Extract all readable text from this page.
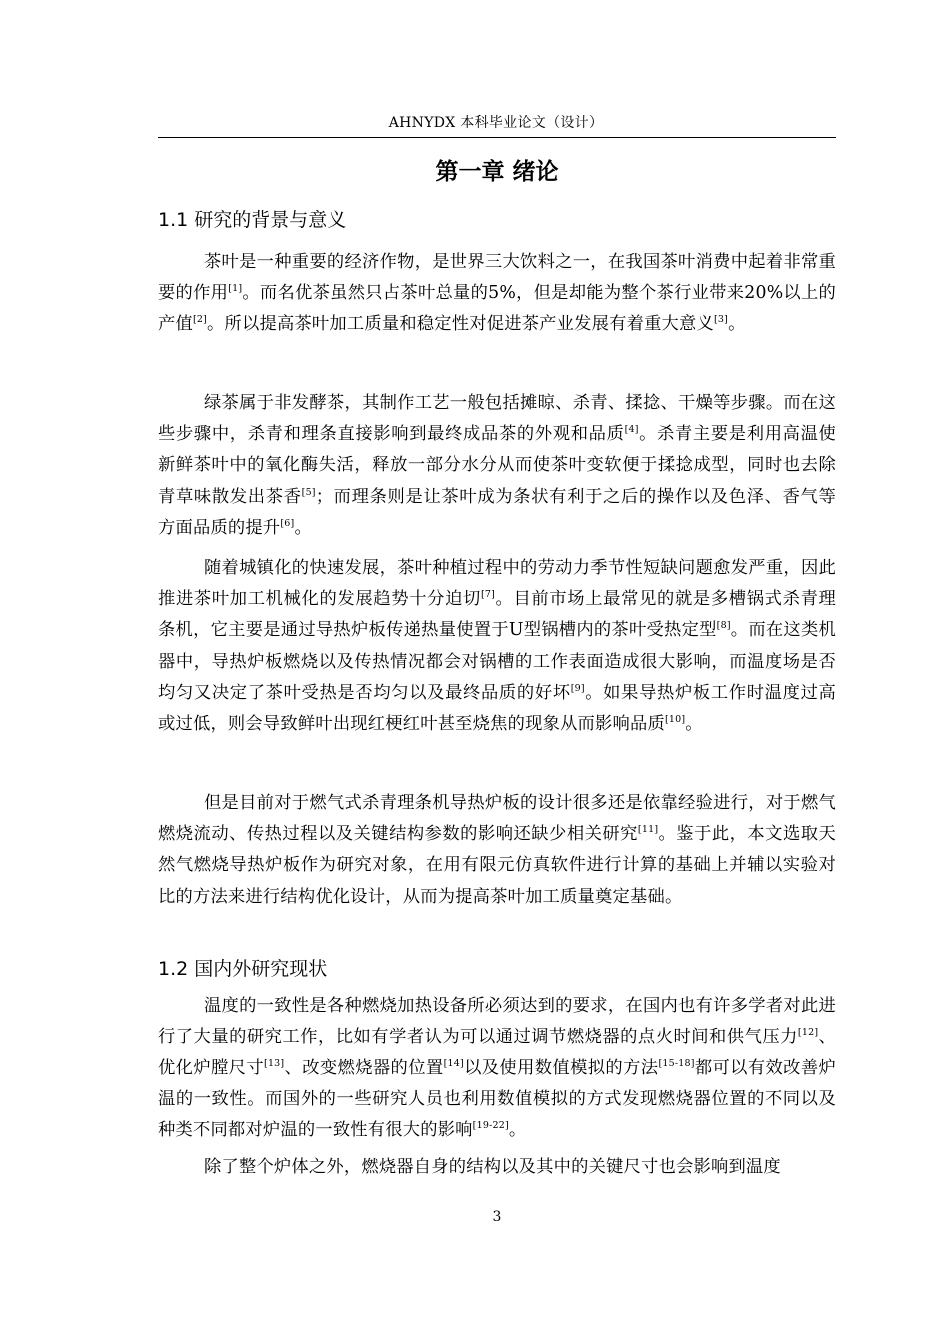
AHNYDX 本科毕业论文（设计）
第一章 绪论
1.1 研究的背景与意义
茶叶是一种重要的经济作物，是世界三大饮料之一，在我国茶叶消费中起着非常重要的作用[1]。而名优茶虽然只占茶叶总量的5%，但是却能为整个茶行业带来20%以上的产值[2]。所以提高茶叶加工质量和稳定性对促进茶产业发展有着重大意义[3]。
绿茶属于非发酵茶，其制作工艺一般包括摊晾、杀青、揉捻、干燥等步骤。而在这些步骤中，杀青和理条直接影响到最终成品茶的外观和品质[4]。杀青主要是利用高温使新鲜茶叶中的氧化酶失活，释放一部分水分从而使茶叶变软便于揉捻成型，同时也去除青草味散发出茶香[5]；而理条则是让茶叶成为条状有利于之后的操作以及色泽、香气等方面品质的提升[6]。
随着城镇化的快速发展，茶叶种植过程中的劳动力季节性短缺问题愈发严重，因此推进茶叶加工机械化的发展趋势十分迫切[7]。目前市场上最常见的就是多槽锅式杀青理条机，它主要是通过导热炉板传递热量使置于U型锅槽内的茶叶受热定型[8]。而在这类机器中，导热炉板燃烧以及传热情况都会对锅槽的工作表面造成很大影响，而温度场是否均匀又决定了茶叶受热是否均匀以及最终品质的好坏[9]。如果导热炉板工作时温度过高或过低，则会导致鲜叶出现红梗红叶甚至烧焦的现象从而影响品质[10]。
但是目前对于燃气式杀青理条机导热炉板的设计很多还是依靠经验进行，对于燃气燃烧流动、传热过程以及关键结构参数的影响还缺少相关研究[11]。鉴于此，本文选取天然气燃烧导热炉板作为研究对象，在用有限元仿真软件进行计算的基础上并辅以实验对比的方法来进行结构优化设计，从而为提高茶叶加工质量奠定基础。
1.2 国内外研究现状
温度的一致性是各种燃烧加热设备所必须达到的要求，在国内也有许多学者对此进行了大量的研究工作，比如有学者认为可以通过调节燃烧器的点火时间和供气压力[12]、优化炉膛尺寸[13]、改变燃烧器的位置[14]以及使用数值模拟的方法[15-18]都可以有效改善炉温的一致性。而国外的一些研究人员也利用数值模拟的方式发现燃烧器位置的不同以及种类不同都对炉温的一致性有很大的影响[19-22]。
除了整个炉体之外，燃烧器自身的结构以及其中的关键尺寸也会影响到温度
3
